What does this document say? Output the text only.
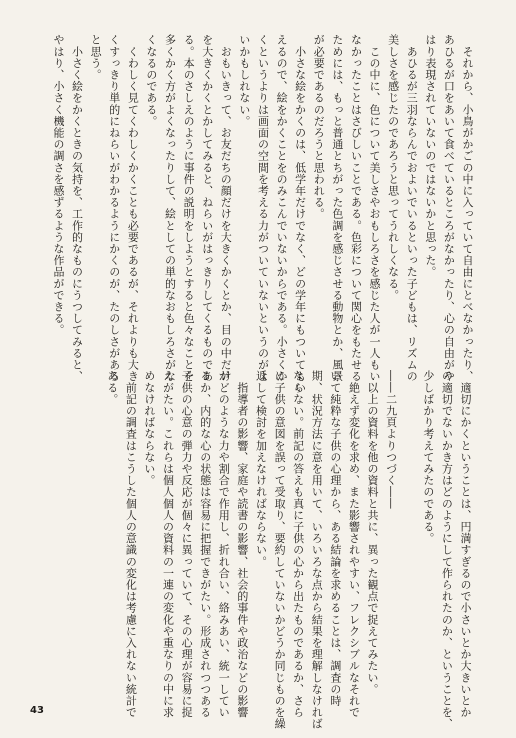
　それから、小鳥がかごの中に入っていて自由にとべなかったり、
あひるが口をあいて食べているところがなかったり、心の自由がや
はり表現されていないのではないかと思った。
　あひるが三羽ならんでおよいでいるといった子どもは、リズムの
美しさを感じたのであろうと思ってうれしくなる。
　この中に、色について美しさやおもしろさを感じた人が一人もい
なかったことはさびしいことである。色彩について関心をもたせる
ためには、もっと普通とちがった色調を感じさせる動物とか、風景
が必要であるのだろうと思われる。
　小さな絵をかくのは、低学年だけでなく、どの学年にもついてもい
えるので、絵をかくことをのみこんでいないからである。小さくか
くというよりは画面の空間を考える力がついていないというのがよ
いかもしれない。
　おもいきって、お友だちの顔だけを大きくかくとか、目の中だけ
を大きくかくとかしてみると、ねらいがはっきりしてくるものであ
る。本のさしえのように事件の説明をしようとすると色々なことを
多くかく方がよくなったりして、絵としての単的なおもしろさがな
くなるのである。
　くわしく見てくわしくかくことも必要であるが、それよりも大き
くすっきり単的にねらいがわかるようにかくのが、たのしさがある
と思う。
　小さく絵をかくときの気持を、工作的なものにうつしてみると、
やはり、小さく機能の調さを感ずるような作品ができる。
　適切にかくということは、円満すぎるので小さいとか大きいとか
の適切でないかき方はどのようにして作られたのか、ということを、
少しばかり考えてみたのである。

――二九頁よりつづく――
　以上の資料を他の資料と共に、異った観点で捉えてみたい。
　絶えず変化を求め、また影響されやすい、フレクシブルなそれで
いて純粋な子供の心理から、ある結論を求めることは、調査の時
期、状況方法に意を用いて、いろいろな点から結果を理解しなければ
ならない。前記の答えも真に子供の心から出たものであるか、さら
に子供の意図を誤って受取り、要約していないかどうか同じものを繰
返して検討を加えなければならない。
　指導者の影響、家庭や読書の影響、社会的事件や政治などの影響
がどのような力や割合で作用し、折れ合い、絡みあい、統一してい
るか、内的な心の状態は容易に把握できがたい。形成されつつある
子供の心意の弾力や反応が個々に異っていて、その心理が容易に捉
えがたい。これらは個人個人の資料の一連の変化や重なりの中に求
めなければならない。
　前記の調査はこうした個人の意識の変化は考慮に入れない統計で
ある。
43
